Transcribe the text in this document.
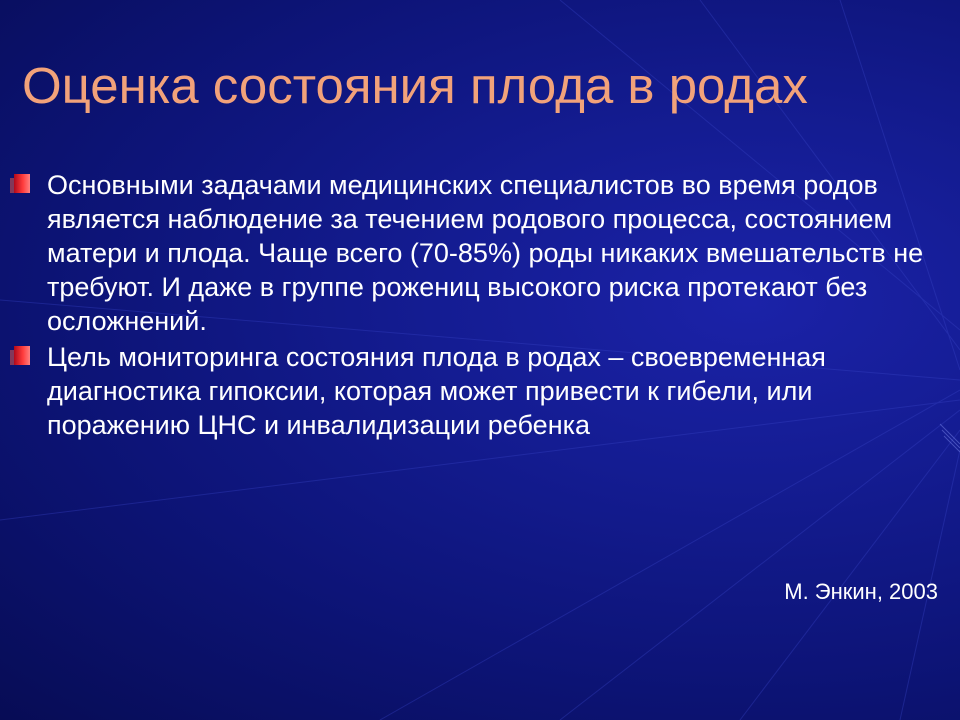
Оценка состояния плода в родах
Основными задачами медицинских специалистов во время родов является наблюдение за течением родового процесса, состоянием матери и плода. Чаще всего (70-85%) роды никаких вмешательств не требуют. И даже в группе рожениц высокого риска протекают без осложнений.
Цель мониторинга состояния плода в родах – своевременная диагностика гипоксии, которая может привести к гибели, или поражению ЦНС и инвалидизации ребенка
М. Энкин, 2003
